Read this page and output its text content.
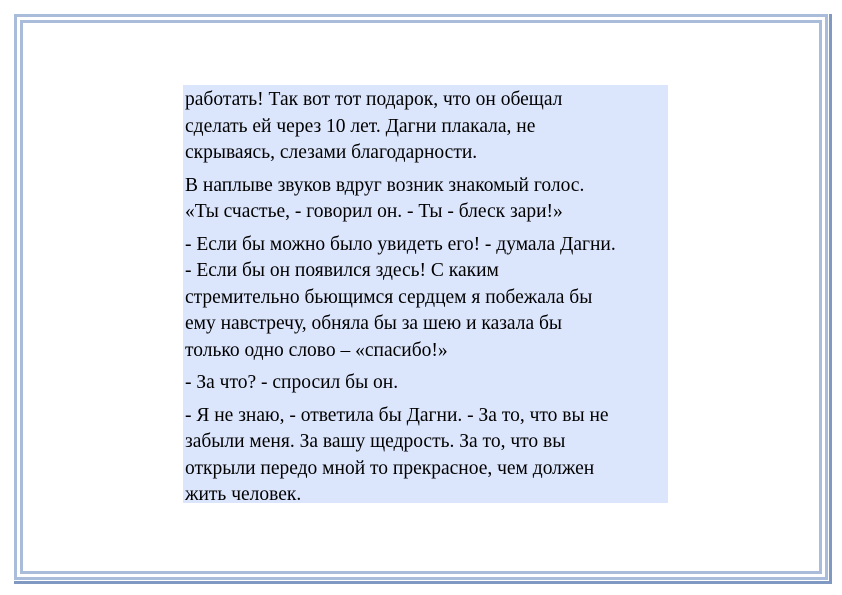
работать! Так вот тот подарок, что он обещал
сделать ей через 10 лет. Дагни плакала, не
скрываясь, слезами благодарности.

В наплыве звуков вдруг возник знакомый голос.
«Ты счастье, - говорил он. - Ты - блеск зари!»

- Если бы можно было увидеть его! - думала Дагни.
- Если бы он появился здесь! С каким
стремительно бьющимся сердцем я побежала бы
ему навстречу, обняла бы за шею и казала бы
только одно слово – «спасибо!»

- За что? - спросил бы он.

- Я не знаю, - ответила бы Дагни. - За то, что вы не
забыли меня. За вашу щедрость. За то, что вы
открыли передо мной то прекрасное, чем должен
жить человек.
